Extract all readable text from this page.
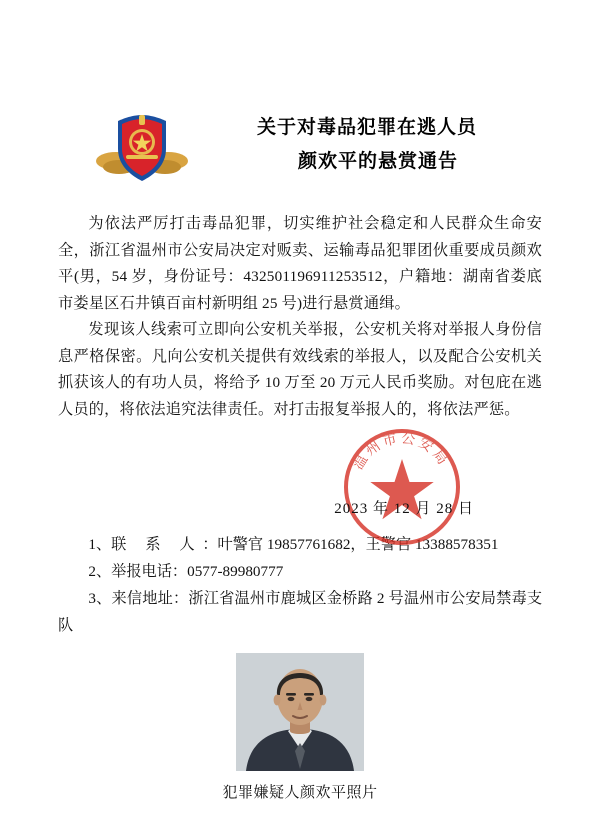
关于对毒品犯罪在逃人员
颜欢平的悬赏通告

为依法严厉打击毒品犯罪，切实维护社会稳定和人民群众生命安全，浙江省温州市公安局决定对贩卖、运输毒品犯罪团伙重要成员颜欢平(男，54 岁，身份证号：432501196911253512，户籍地：湖南省娄底市娄星区石井镇百亩村新明组 25 号)进行悬赏通缉。

发现该人线索可立即向公安机关举报，公安机关将对举报人身份信息严格保密。凡向公安机关提供有效线索的举报人，以及配合公安机关抓获该人的有功人员，将给予 10 万至 20 万元人民币奖励。对包庇在逃人员的，将依法追究法律责任。对打击报复举报人的，将依法严惩。

温州市公安局
2023 年 12 月 28 日
1、联 系 人：叶警官 19857761682，王警官 13388578351
2、举报电话：0577-89980777
3、来信地址：浙江省温州市鹿城区金桥路 2 号温州市公安局禁毒支队
犯罪嫌疑人颜欢平照片
